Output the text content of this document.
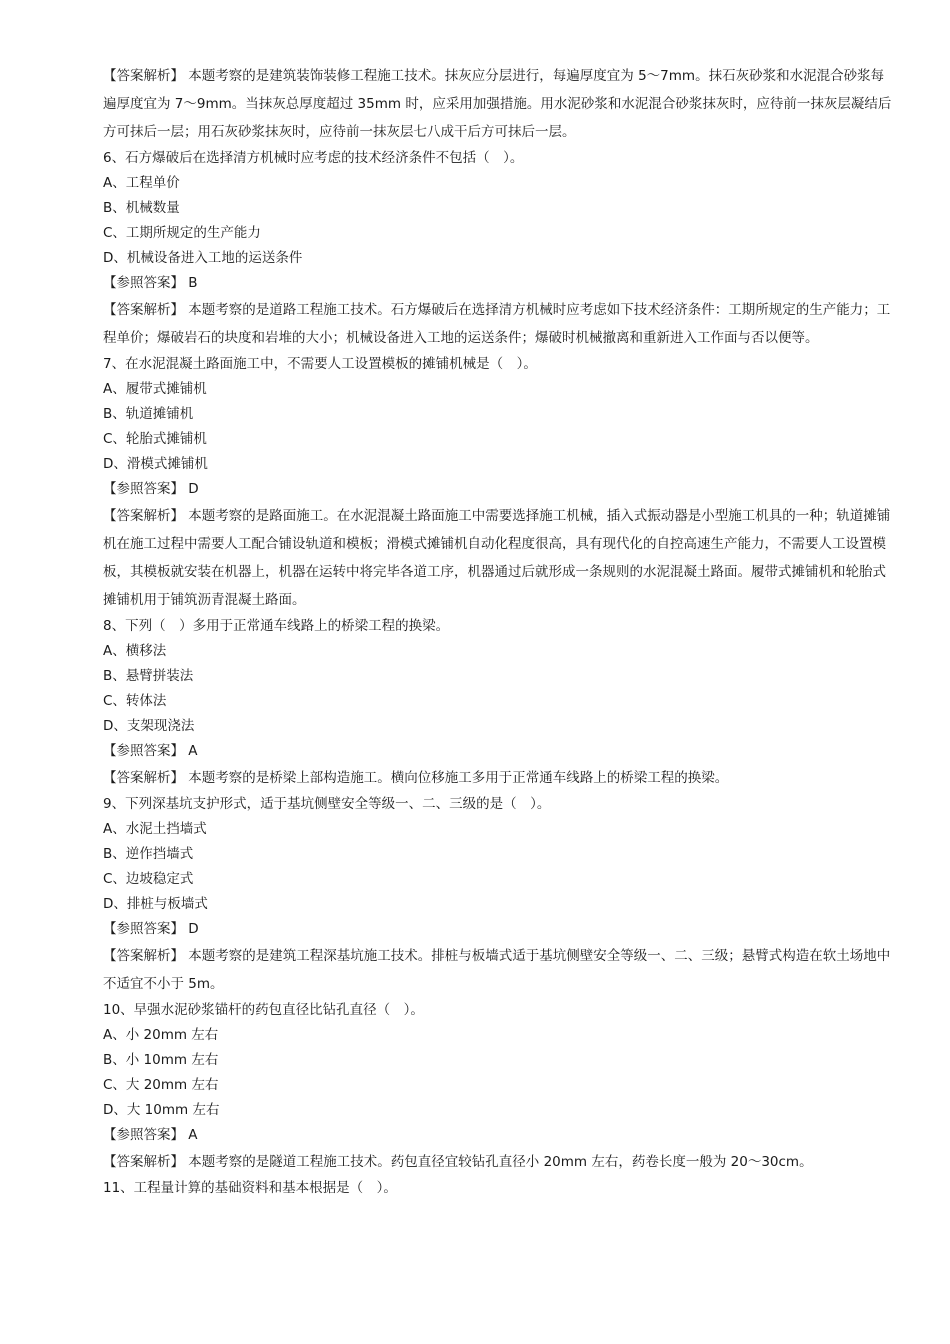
【答案解析】 本题考察的是建筑装饰装修工程施工技术。抹灰应分层进行，每遍厚度宜为 5～7mm。抹石灰砂浆和水泥混合砂浆每遍厚度宜为 7～9mm。当抹灰总厚度超过 35mm 时，应采用加强措施。用水泥砂浆和水泥混合砂浆抹灰时，应待前一抹灰层凝结后方可抹后一层；用石灰砂浆抹灰时，应待前一抹灰层七八成干后方可抹后一层。
6、石方爆破后在选择清方机械时应考虑的技术经济条件不包括（　）。
A、工程单价
B、机械数量
C、工期所规定的生产能力
D、机械设备进入工地的运送条件
【参照答案】 B
【答案解析】 本题考察的是道路工程施工技术。石方爆破后在选择清方机械时应考虑如下技术经济条件：工期所规定的生产能力；工程单价；爆破岩石的块度和岩堆的大小；机械设备进入工地的运送条件；爆破时机械撤离和重新进入工作面与否以便等。
7、在水泥混凝土路面施工中，不需要人工设置模板的摊铺机械是（　）。
A、履带式摊铺机
B、轨道摊铺机
C、轮胎式摊铺机
D、滑模式摊铺机
【参照答案】 D
【答案解析】 本题考察的是路面施工。在水泥混凝土路面施工中需要选择施工机械，插入式振动器是小型施工机具的一种；轨道摊铺机在施工过程中需要人工配合铺设轨道和模板；滑模式摊铺机自动化程度很高，具有现代化的自控高速生产能力，不需要人工设置模板，其模板就安装在机器上，机器在运转中将完毕各道工序，机器通过后就形成一条规则的水泥混凝土路面。履带式摊铺机和轮胎式摊铺机用于铺筑沥青混凝土路面。
8、下列（　）多用于正常通车线路上的桥梁工程的换梁。
A、横移法
B、悬臂拼装法
C、转体法
D、支架现浇法
【参照答案】 A
【答案解析】 本题考察的是桥梁上部构造施工。横向位移施工多用于正常通车线路上的桥梁工程的换梁。
9、下列深基坑支护形式，适于基坑侧壁安全等级一、二、三级的是（　）。
A、水泥土挡墙式
B、逆作挡墙式
C、边坡稳定式
D、排桩与板墙式
【参照答案】 D
【答案解析】 本题考察的是建筑工程深基坑施工技术。排桩与板墙式适于基坑侧壁安全等级一、二、三级；悬臂式构造在软土场地中不适宜不小于 5m。
10、早强水泥砂浆锚杆的药包直径比钻孔直径（　）。
A、小 20mm 左右
B、小 10mm 左右
C、大 20mm 左右
D、大 10mm 左右
【参照答案】 A
【答案解析】 本题考察的是隧道工程施工技术。药包直径宜较钻孔直径小 20mm 左右，药卷长度一般为 20～30cm。
11、工程量计算的基础资料和基本根据是（　）。
